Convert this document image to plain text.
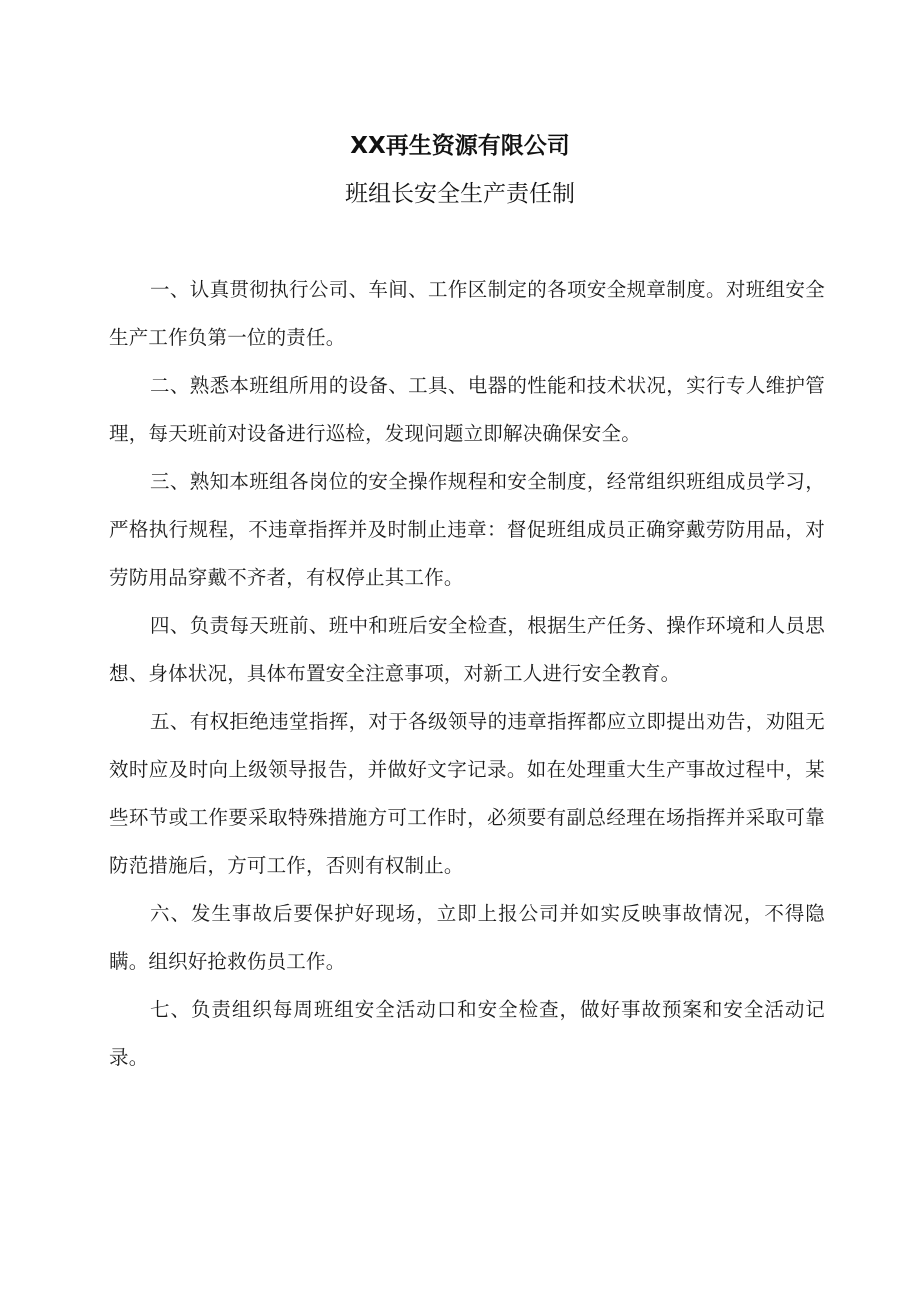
XX再生资源有限公司
班组长安全生产责任制

一、认真贯彻执行公司、车间、工作区制定的各项安全规章制度。对班组安全生产工作负第一位的责任。

二、熟悉本班组所用的设备、工具、电器的性能和技术状况，实行专人维护管理，每天班前对设备进行巡检，发现问题立即解决确保安全。

三、熟知本班组各岗位的安全操作规程和安全制度，经常组织班组成员学习，严格执行规程，不违章指挥并及时制止违章：督促班组成员正确穿戴劳防用品，对劳防用品穿戴不齐者，有权停止其工作。

四、负责每天班前、班中和班后安全检查，根据生产任务、操作环境和人员思想、身体状况，具体布置安全注意事项，对新工人进行安全教育。

五、有权拒绝违堂指挥，对于各级领导的违章指挥都应立即提出劝告，劝阻无效时应及时向上级领导报告，并做好文字记录。如在处理重大生产事故过程中，某些环节或工作要采取特殊措施方可工作时，必须要有副总经理在场指挥并采取可靠防范措施后，方可工作，否则有权制止。

六、发生事故后要保护好现场，立即上报公司并如实反映事故情况，不得隐瞒。组织好抢救伤员工作。

七、负责组织每周班组安全活动口和安全检查，做好事故预案和安全活动记录。
